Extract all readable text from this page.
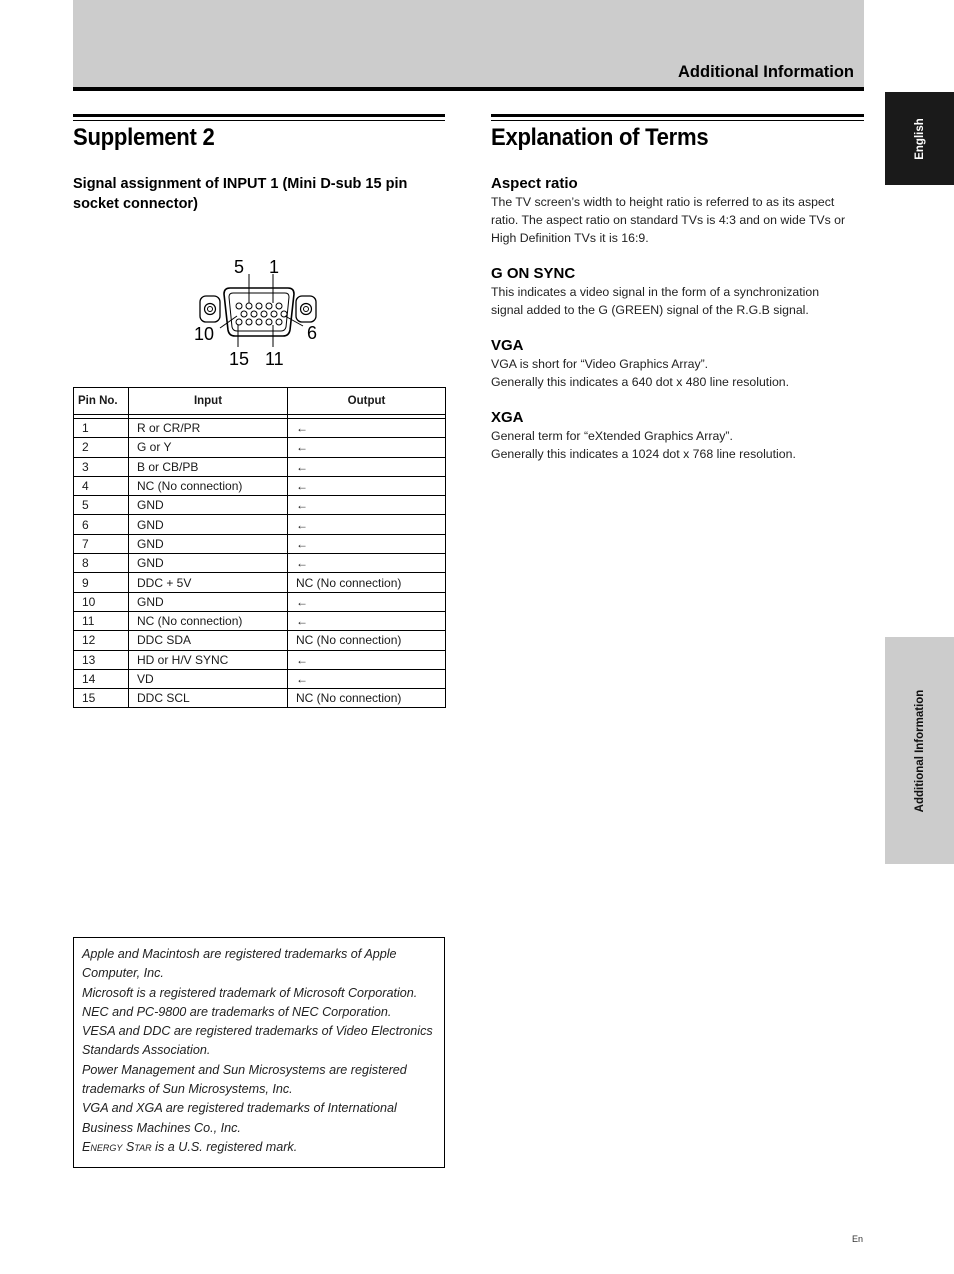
Additional Information
English
Additional Information
Supplement 2
Signal assignment of INPUT 1 (Mini D-sub 15 pin socket connector)
5 1
10	6
15 11
Pin No.	Input	Output

1	R or CR/PR	←
2	G or Y	←
3	B or CB/PB	←
4	NC (No connection)	←
5	GND	←
6	GND	←
7	GND	←
8	GND	←
9	DDC + 5V	NC (No connection)
10	GND	←
11	NC (No connection)	←
12	DDC SDA	NC (No connection)
13	HD or H/V SYNC	←
14	VD	←
15	DDC SCL	NC (No connection)
Explanation of Terms

Aspect ratio

The TV screen’s width to height ratio is referred to as its aspect

ratio. The aspect ratio on standard TVs is 4:3 and on wide TVs or

High Definition TVs it is 16:9.

G ON SYNC

This indicates a video signal in the form of a synchronization

signal added to the G (GREEN) signal of the R.G.B signal.

VGA

VGA is short for “Video Graphics Array”.

Generally this indicates a 640 dot x 480 line resolution.

XGA

General term for “eXtended Graphics Array”.

Generally this indicates a 1024 dot x 768 line resolution.

Apple and Macintosh are registered trademarks of Apple
Computer, Inc.
Microsoft is a registered trademark of Microsoft Corporation.
NEC and PC-9800 are trademarks of NEC Corporation.
VESA and DDC are registered trademarks of Video Electronics
Standards Association.
Power Management and Sun Microsystems are registered
trademarks of Sun Microsystems, Inc.
VGA and XGA are registered trademarks of International
Business Machines Co., Inc.
Energy Star is a U.S. registered mark.
En
